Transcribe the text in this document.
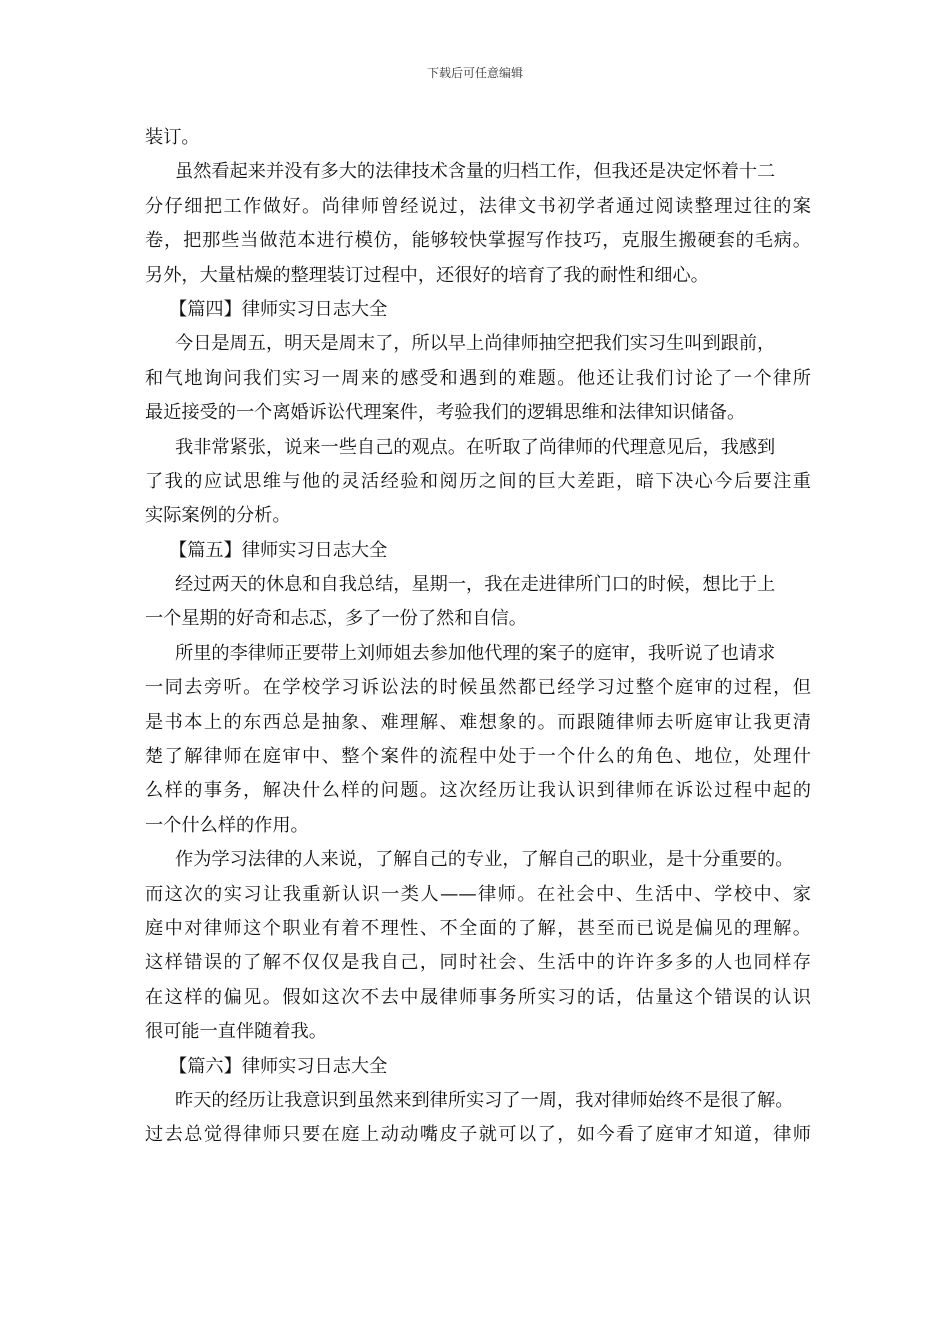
下载后可任意编辑
装订。
虽然看起来并没有多大的法律技术含量的归档工作，但我还是决定怀着十二
分仔细把工作做好。尚律师曾经说过，法律文书初学者通过阅读整理过往的案
卷，把那些当做范本进行模仿，能够较快掌握写作技巧，克服生搬硬套的毛病。
另外，大量枯燥的整理装订过程中，还很好的培育了我的耐性和细心。
【篇四】律师实习日志大全
今日是周五，明天是周末了，所以早上尚律师抽空把我们实习生叫到跟前，
和气地询问我们实习一周来的感受和遇到的难题。他还让我们讨论了一个律所
最近接受的一个离婚诉讼代理案件，考验我们的逻辑思维和法律知识储备。
我非常紧张，说来一些自己的观点。在听取了尚律师的代理意见后，我感到
了我的应试思维与他的灵活经验和阅历之间的巨大差距，暗下决心今后要注重
实际案例的分析。
【篇五】律师实习日志大全
经过两天的休息和自我总结，星期一，我在走进律所门口的时候，想比于上
一个星期的好奇和忐忑，多了一份了然和自信。
所里的李律师正要带上刘师姐去参加他代理的案子的庭审，我听说了也请求
一同去旁听。在学校学习诉讼法的时候虽然都已经学习过整个庭审的过程，但
是书本上的东西总是抽象、难理解、难想象的。而跟随律师去听庭审让我更清
楚了解律师在庭审中、整个案件的流程中处于一个什么的角色、地位，处理什
么样的事务，解决什么样的问题。这次经历让我认识到律师在诉讼过程中起的
一个什么样的作用。
作为学习法律的人来说，了解自己的专业，了解自己的职业，是十分重要的。
而这次的实习让我重新认识一类人——律师。在社会中、生活中、学校中、家
庭中对律师这个职业有着不理性、不全面的了解，甚至而已说是偏见的理解。
这样错误的了解不仅仅是我自己，同时社会、生活中的许许多多的人也同样存
在这样的偏见。假如这次不去中晟律师事务所实习的话，估量这个错误的认识
很可能一直伴随着我。
【篇六】律师实习日志大全
昨天的经历让我意识到虽然来到律所实习了一周，我对律师始终不是很了解。
过去总觉得律师只要在庭上动动嘴皮子就可以了，如今看了庭审才知道，律师
